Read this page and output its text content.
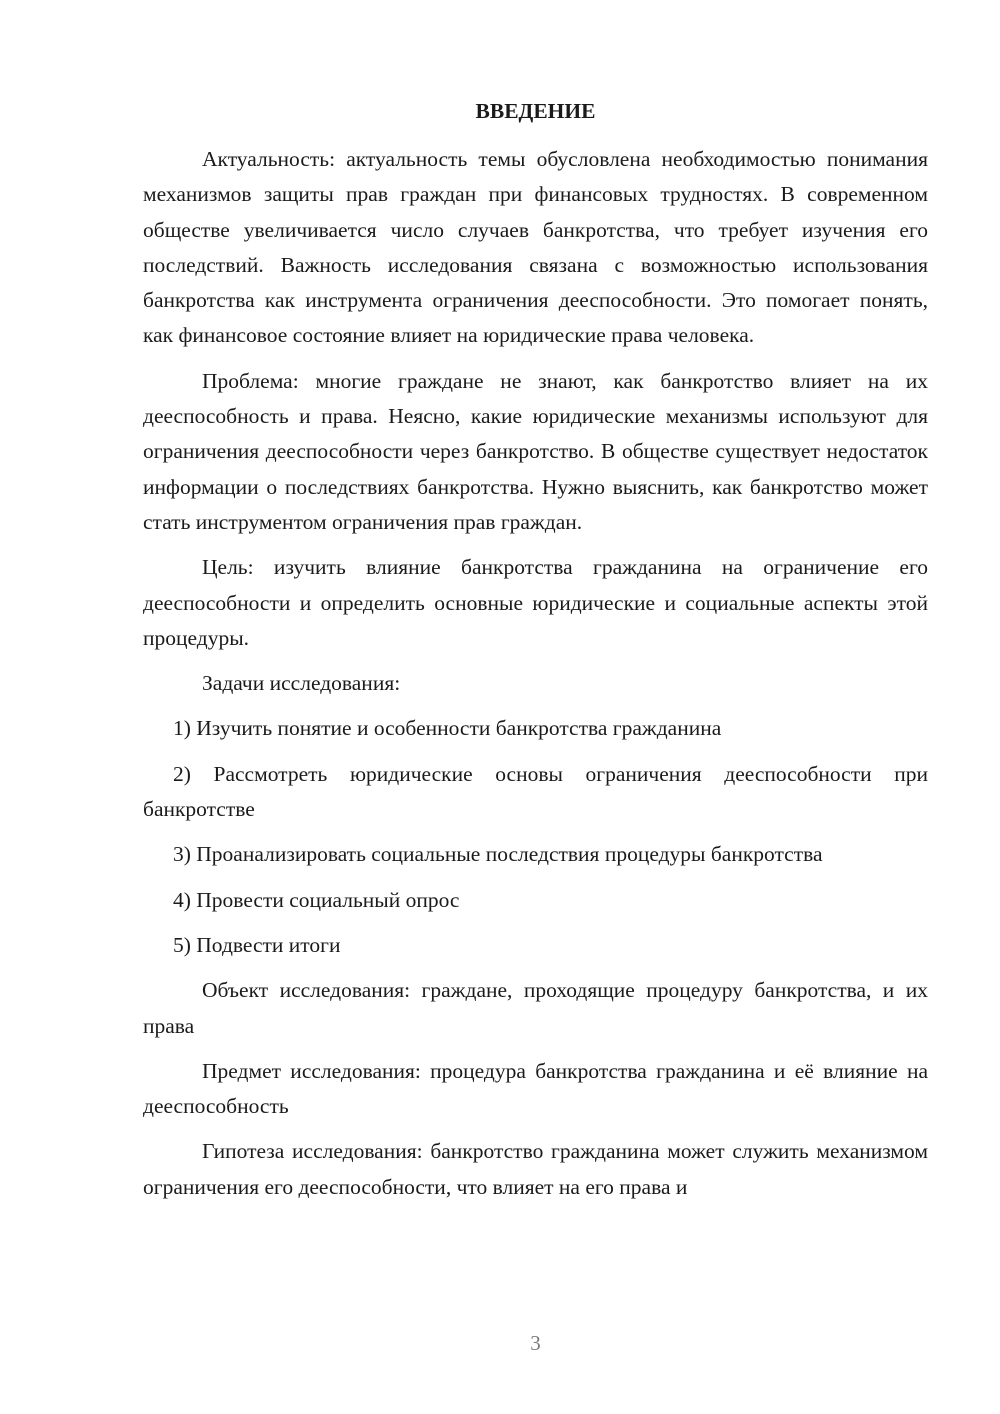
ВВЕДЕНИЕ

Актуальность: актуальность темы обусловлена необходимостью понимания механизмов защиты прав граждан при финансовых трудностях. В современном обществе увеличивается число случаев банкротства, что требует изучения его последствий. Важность исследования связана с возможностью использования банкротства как инструмента ограничения дееспособности. Это помогает понять, как финансовое состояние влияет на юридические права человека.

Проблема: многие граждане не знают, как банкротство влияет на их дееспособность и права. Неясно, какие юридические механизмы используют для ограничения дееспособности через банкротство. В обществе существует недостаток информации о последствиях банкротства. Нужно выяснить, как банкротство может стать инструментом ограничения прав граждан.

Цель: изучить влияние банкротства гражданина на ограничение его дееспособности и определить основные юридические и социальные аспекты этой процедуры.

Задачи исследования:

1) Изучить понятие и особенности банкротства гражданина

2) Рассмотреть юридические основы ограничения дееспособности при банкротстве

3) Проанализировать социальные последствия процедуры банкротства

4) Провести социальный опрос

5) Подвести итоги

Объект исследования: граждане, проходящие процедуру банкротства, и их права

Предмет исследования: процедура банкротства гражданина и её влияние на дееспособность

Гипотеза исследования: банкротство гражданина может служить механизмом ограничения его дееспособности, что влияет на его права и

3
